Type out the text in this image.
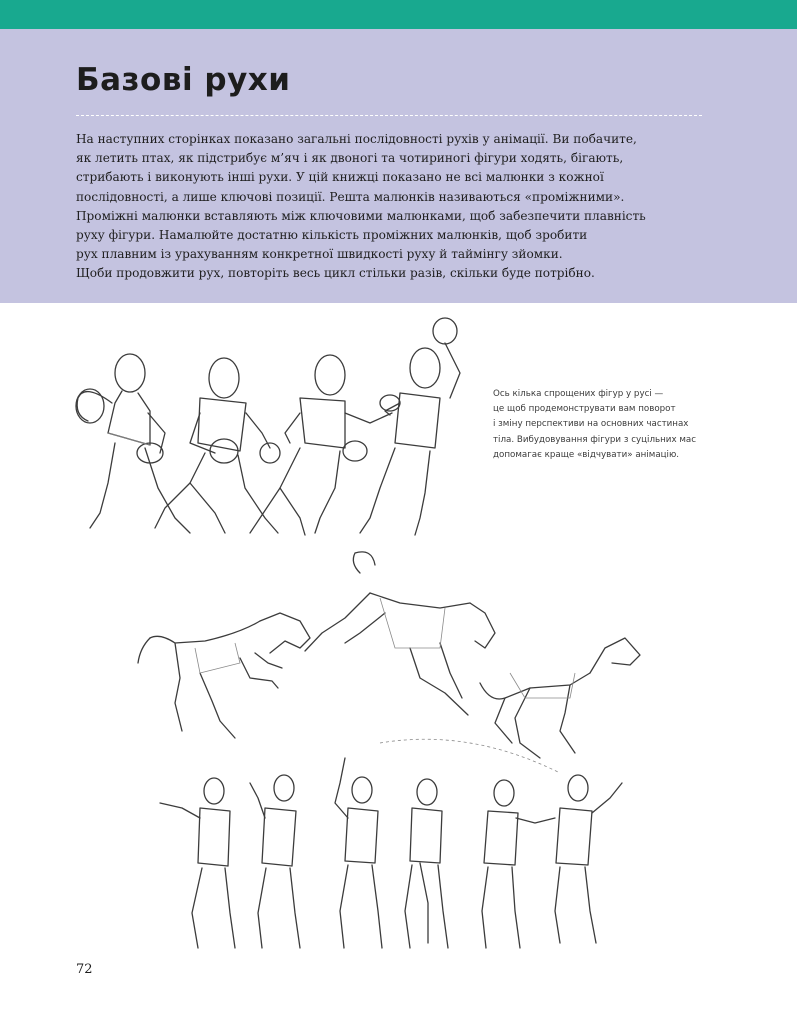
Базові рухи
На наступних сторінках показано загальні послідовності рухів у анімації. Ви побачите,
як летить птах, як підстрибує м’яч і як двоногі та чотириногі фігури ходять, бігають,
стрибають і виконують інші рухи. У цій книжці показано не всі малюнки з кожної
послідовності, а лише ключові позиції. Решта малюнків називаються «проміжними».
Проміжні малюнки вставляють між ключовими малюнками, щоб забезпечити плавність
руху фігури. Намалюйте достатню кількість проміжних малюнків, щоб зробити
рух плавним із урахуванням конкретної швидкості руху й таймінгу зйомки.
Щоби продовжити рух, повторіть весь цикл стільки разів, скільки буде потрібно.
Ось кілька спрощених фігур у русі —
це щоб продемонструвати вам поворот
і зміну перспективи на основних частинах
тіла. Вибудовування фігури з суцільних мас
допомагає краще «відчувати» анімацію.
72
